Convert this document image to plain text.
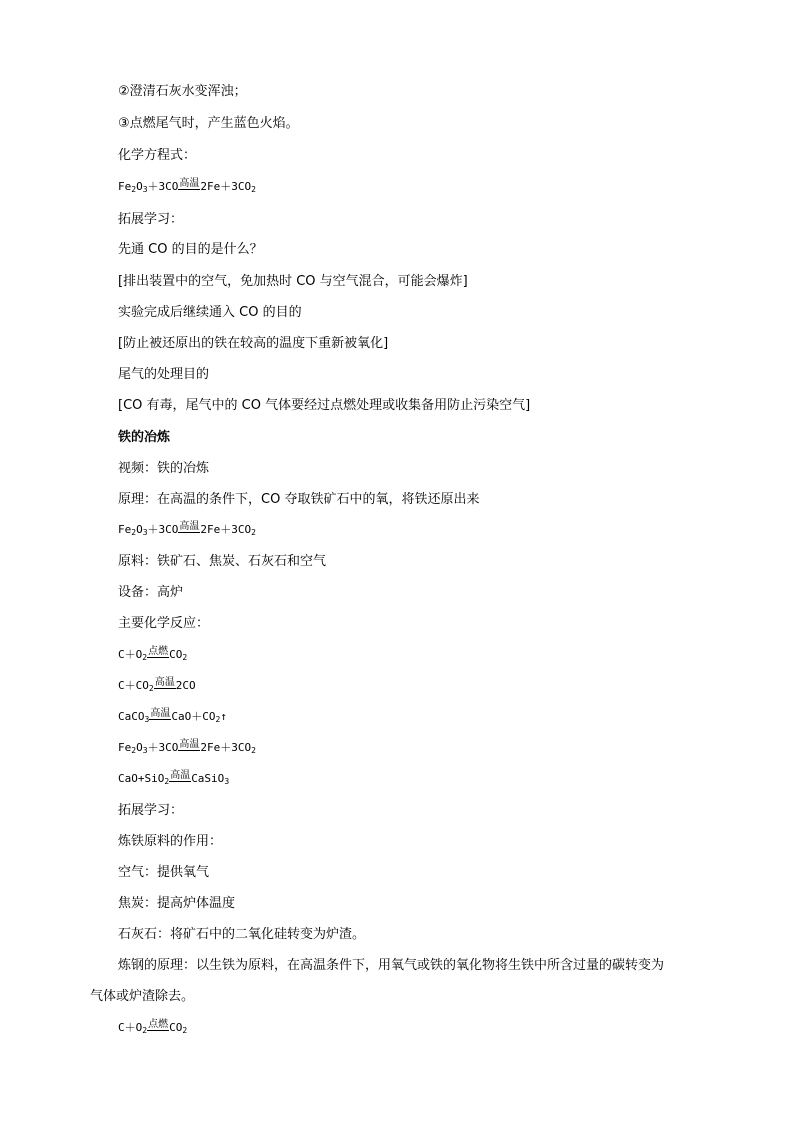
②澄清石灰水变浑浊；
③点燃尾气时，产生蓝色火焰。
化学方程式：
$Fe_2O_3+3CO$高温$2Fe+3CO_2$
拓展学习：
先通 CO 的目的是什么？
[排出装置中的空气，免加热时 CO 与空气混合，可能会爆炸]
实验完成后继续通入 CO 的目的
[防止被还原出的铁在较高的温度下重新被氧化]
尾气的处理目的
[CO 有毒，尾气中的 CO 气体要经过点燃处理或收集备用防止污染空气]
铁的冶炼
视频：铁的冶炼
原理：在高温的条件下，CO 夺取铁矿石中的氧，将铁还原出来
$Fe_2O_3+3CO$高温$2Fe+3CO_2$
原料：铁矿石、焦炭、石灰石和空气
设备：高炉
主要化学反应：
$C+O_2$点燃$CO_2$
$C+CO_2$高温2CO
CaCO$_3$高温$CaO+CO_2↑$
$Fe_2O_3+3CO$高温$2Fe+3CO_2$
CaO+SiO$_2$高温CaSiO$_3$
拓展学习：
炼铁原料的作用：
空气：提供氧气
焦炭：提高炉体温度
石灰石：将矿石中的二氧化硅转变为炉渣。
炼钢的原理：以生铁为原料，在高温条件下，用氧气或铁的氧化物将生铁中所含过量的碳转变为
气体或炉渣除去。
$C+O_2$点燃$CO_2$
